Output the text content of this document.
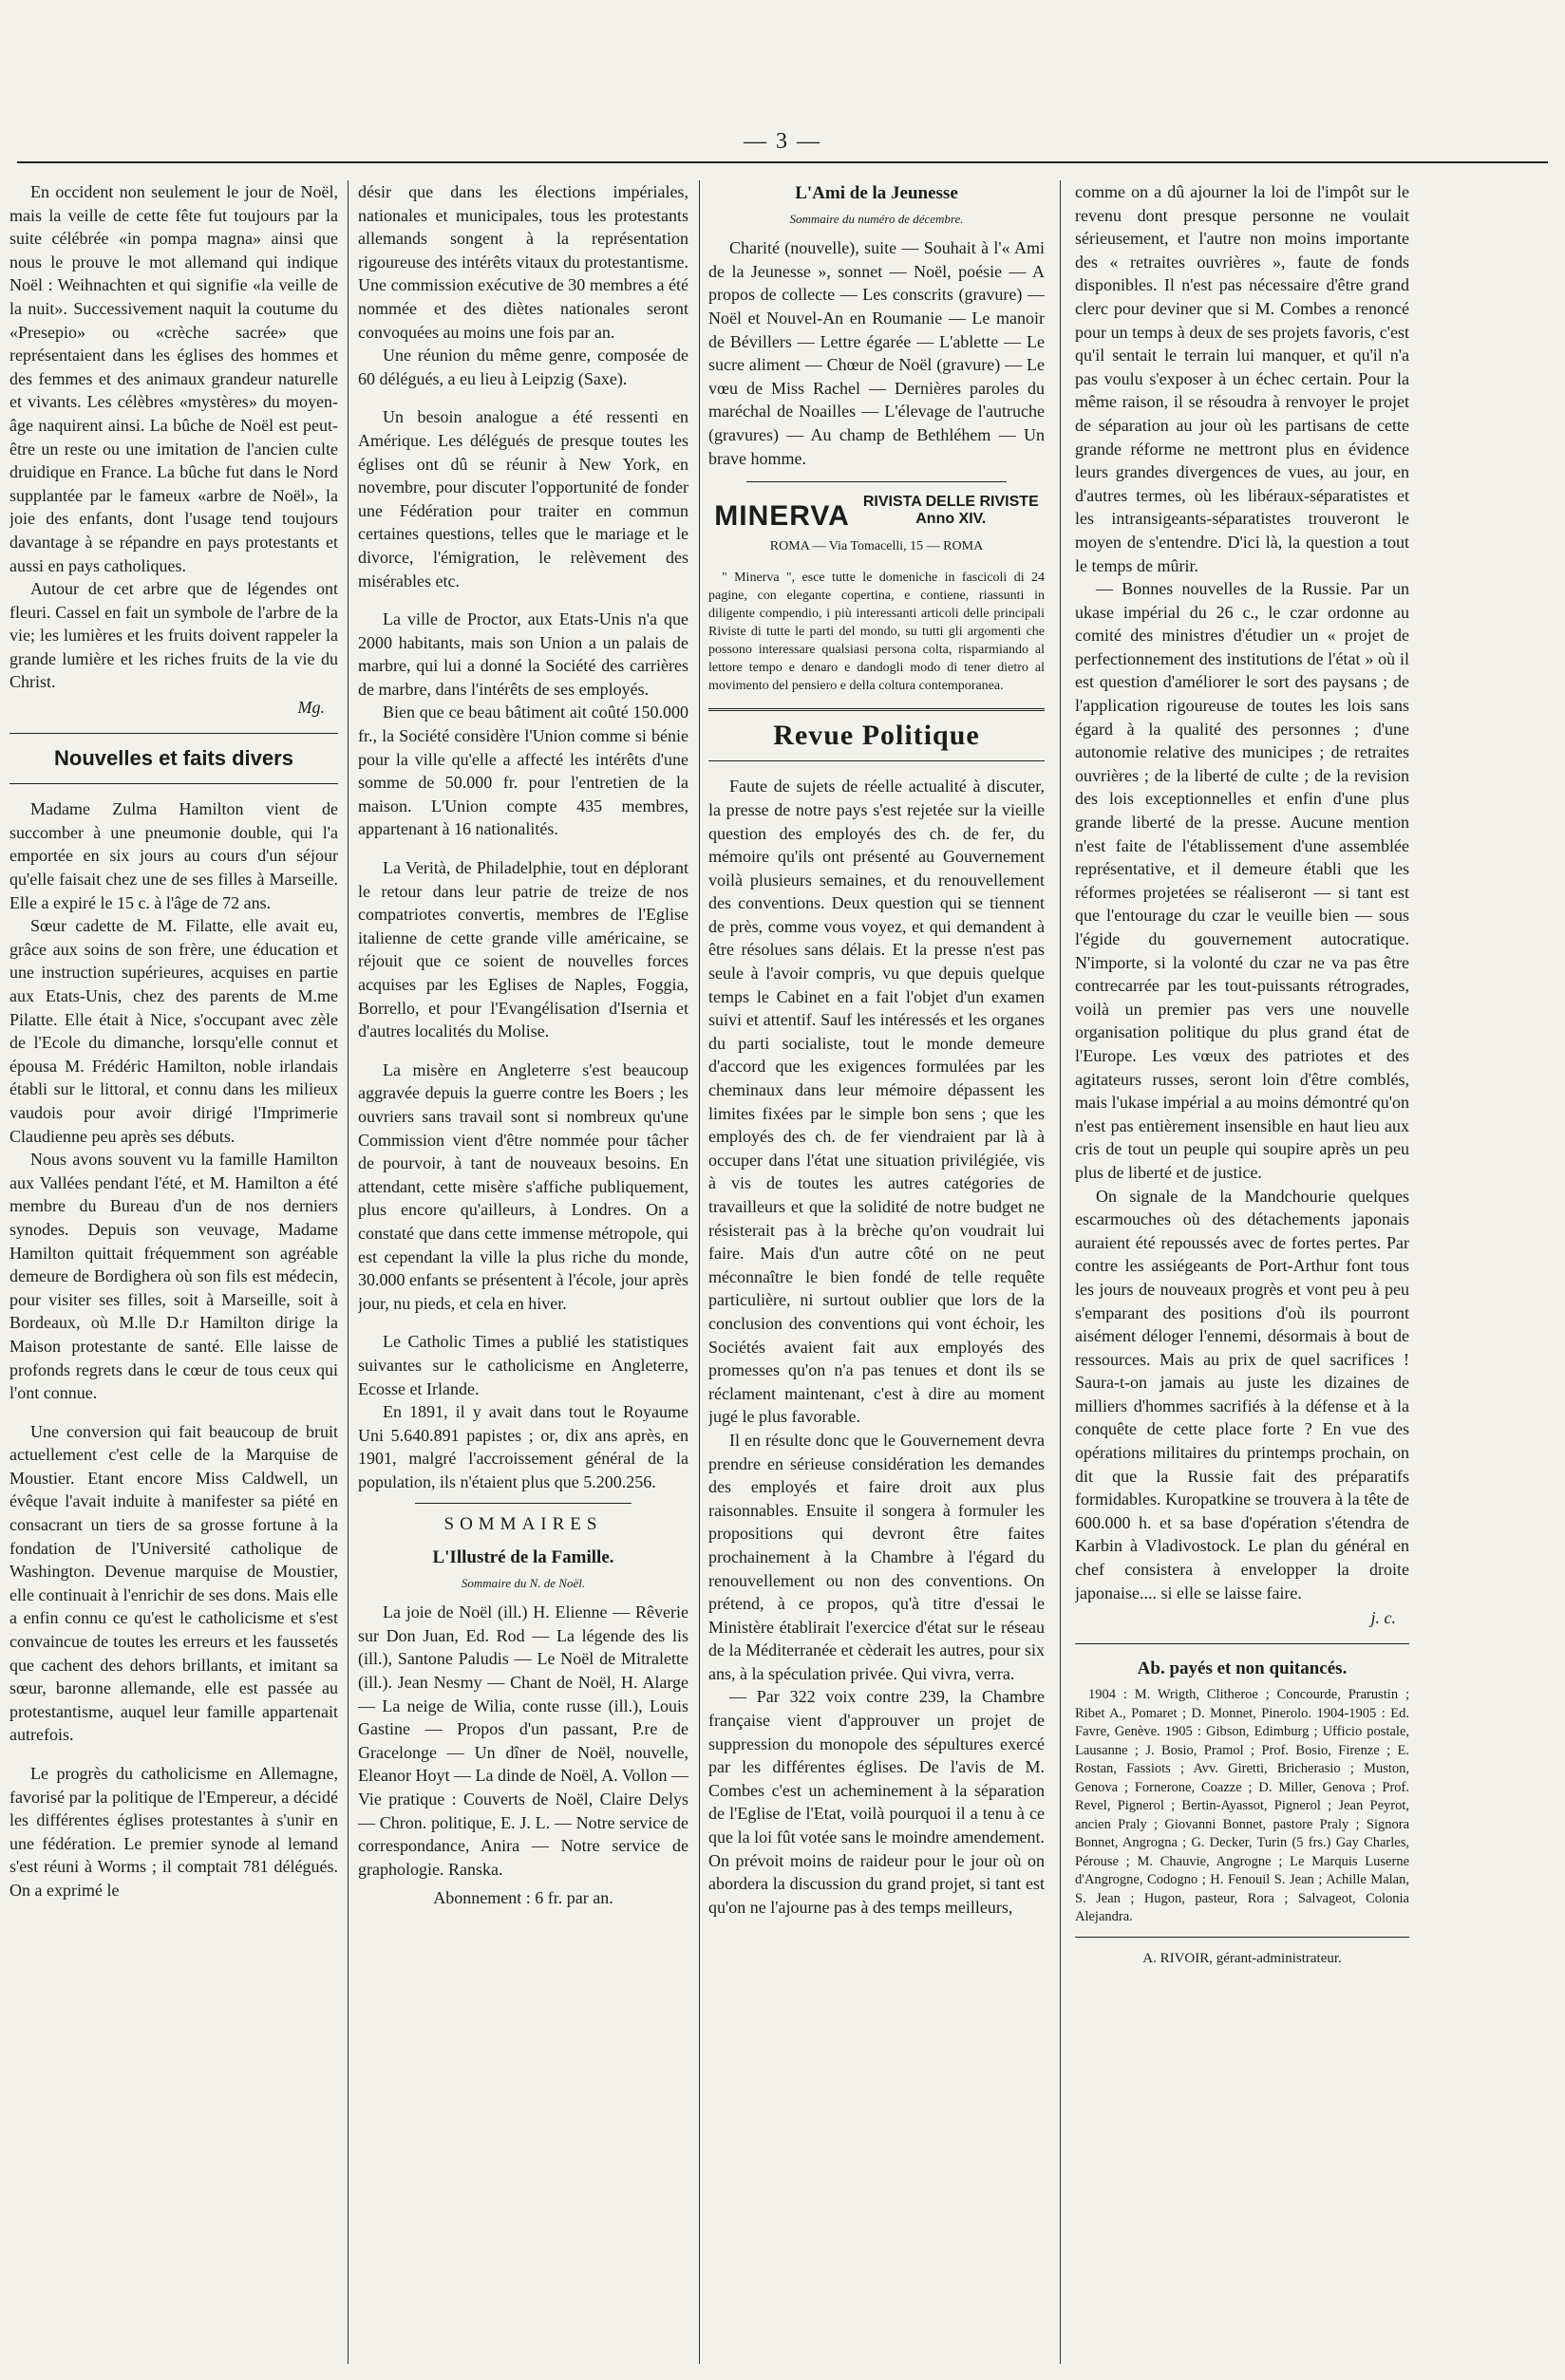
— 3 —

En occident non seulement le jour de Noël, mais la veille de cette fête fut toujours par la suite célébrée «in pompa magna» ainsi que nous le prouve le mot allemand qui indique Noël : Weihnachten et qui signifie «la veille de la nuit». Successivement naquit la coutume du «Presepio» ou «crèche sacrée» que représentaient dans les églises des hommes et des femmes et des animaux grandeur naturelle et vivants. Les célèbres «mystères» du moyen-âge naquirent ainsi. La bûche de Noël est peut-être un reste ou une imitation de l'ancien culte druidique en France. La bûche fut dans le Nord supplantée par le fameux «arbre de Noël», la joie des enfants, dont l'usage tend toujours davantage à se répandre en pays protestants et aussi en pays catholiques.

Autour de cet arbre que de légendes ont fleuri. Cassel en fait un symbole de l'arbre de la vie; les lumières et les fruits doivent rappeler la grande lumière et les riches fruits de la vie du Christ.

Mg.
Nouvelles et faits divers

Madame Zulma Hamilton vient de succomber à une pneumonie double, qui l'a emportée en six jours au cours d'un séjour qu'elle faisait chez une de ses filles à Marseille. Elle a expiré le 15 c. à l'âge de 72 ans.

Sœur cadette de M. Filatte, elle avait eu, grâce aux soins de son frère, une éducation et une instruction supérieures, acquises en partie aux Etats-Unis, chez des parents de M.me Pilatte. Elle était à Nice, s'occupant avec zèle de l'Ecole du dimanche, lorsqu'elle connut et épousa M. Frédéric Hamilton, noble irlandais établi sur le littoral, et connu dans les milieux vaudois pour avoir dirigé l'Imprimerie Claudienne peu après ses débuts.

Nous avons souvent vu la famille Hamilton aux Vallées pendant l'été, et M. Hamilton a été membre du Bureau d'un de nos derniers synodes. Depuis son veuvage, Madame Hamilton quittait fréquemment son agréable demeure de Bordighera où son fils est médecin, pour visiter ses filles, soit à Marseille, soit à Bordeaux, où M.lle D.r Hamilton dirige la Maison protestante de santé. Elle laisse de profonds regrets dans le cœur de tous ceux qui l'ont connue.

Une conversion qui fait beaucoup de bruit actuellement c'est celle de la Marquise de Moustier. Etant encore Miss Caldwell, un évêque l'avait induite à manifester sa piété en consacrant un tiers de sa grosse fortune à la fondation de l'Université catholique de Washington. Devenue marquise de Moustier, elle continuait à l'enrichir de ses dons. Mais elle a enfin connu ce qu'est le catholicisme et s'est convaincue de toutes les erreurs et les faussetés que cachent des dehors brillants, et imitant sa sœur, baronne allemande, elle est passée au protestantisme, auquel leur famille appartenait autrefois.

Le progrès du catholicisme en Allemagne, favorisé par la politique de l'Empereur, a décidé les différentes églises protestantes à s'unir en une fédération. Le premier synode al lemand s'est réuni à Worms ; il comptait 781 délégués. On a exprimé le

désir que dans les élections impériales, nationales et municipales, tous les protestants allemands songent à la représentation rigoureuse des intérêts vitaux du protestantisme. Une commission exécutive de 30 membres a été nommée et des diètes nationales seront convoquées au moins une fois par an.

Une réunion du même genre, composée de 60 délégués, a eu lieu à Leipzig (Saxe).

Un besoin analogue a été ressenti en Amérique. Les délégués de presque toutes les églises ont dû se réunir à New York, en novembre, pour discuter l'opportunité de fonder une Fédération pour traiter en commun certaines questions, telles que le mariage et le divorce, l'émigration, le relèvement des misérables etc.

La ville de Proctor, aux Etats-Unis n'a que 2000 habitants, mais son Union a un palais de marbre, qui lui a donné la Société des carrières de marbre, dans l'intérêts de ses employés.

Bien que ce beau bâtiment ait coûté 150.000 fr., la Société considère l'Union comme si bénie pour la ville qu'elle a affecté les intérêts d'une somme de 50.000 fr. pour l'entretien de la maison. L'Union compte 435 membres, appartenant à 16 nationalités.

La Verità, de Philadelphie, tout en déplorant le retour dans leur patrie de treize de nos compatriotes convertis, membres de l'Eglise italienne de cette grande ville américaine, se réjouit que ce soient de nouvelles forces acquises par les Eglises de Naples, Foggia, Borrello, et pour l'Evangélisation d'Isernia et d'autres localités du Molise.

La misère en Angleterre s'est beaucoup aggravée depuis la guerre contre les Boers ; les ouvriers sans travail sont si nombreux qu'une Commission vient d'être nommée pour tâcher de pourvoir, à tant de nouveaux besoins. En attendant, cette misère s'affiche publiquement, plus encore qu'ailleurs, à Londres. On a constaté que dans cette immense métropole, qui est cependant la ville la plus riche du monde, 30.000 enfants se présentent à l'école, jour après jour, nu pieds, et cela en hiver.

Le Catholic Times a publié les statistiques suivantes sur le catholicisme en Angleterre, Ecosse et Irlande.

En 1891, il y avait dans tout le Royaume Uni 5.640.891 papistes ; or, dix ans après, en 1901, malgré l'accroissement général de la population, ils n'étaient plus que 5.200.256.

SOMMAIRES
L'Illustré de la Famille.
Sommaire du N. de Noël.

La joie de Noël (ill.) H. Elienne — Rêverie sur Don Juan, Ed. Rod — La légende des lis (ill.), Santone Paludis — Le Noël de Mitralette (ill.). Jean Nesmy — Chant de Noël, H. Alarge — La neige de Wilia, conte russe (ill.), Louis Gastine — Propos d'un passant, P.re de Gracelonge — Un dîner de Noël, nouvelle, Eleanor Hoyt — La dinde de Noël, A. Vollon — Vie pratique : Couverts de Noël, Claire Delys — Chron. politique, E. J. L. — Notre service de correspondance, Anira — Notre service de graphologie. Ranska.

Abonnement : 6 fr. par an.
L'Ami de la Jeunesse
Sommaire du numéro de décembre.

Charité (nouvelle), suite — Souhait à l'« Ami de la Jeunesse », sonnet — Noël, poésie — A propos de collecte — Les conscrits (gravure) — Noël et Nouvel-An en Roumanie — Le manoir de Bévillers — Lettre égarée — L'ablette — Le sucre aliment — Chœur de Noël (gravure) — Le vœu de Miss Rachel — Dernières paroles du maréchal de Noailles — L'élevage de l'autruche (gravures) — Au champ de Bethléhem — Un brave homme.

MINERVA RIVISTA DELLE RIVISTE
Anno XIV.
ROMA — Via Tomacelli, 15 — ROMA

" Minerva ", esce tutte le domeniche in fascicoli di 24 pagine, con elegante copertina, e contiene, riassunti in diligente compendio, i più interessanti articoli delle principali Riviste di tutte le parti del mondo, su tutti gli argomenti che possono interessare qualsiasi persona colta, risparmiando al lettore tempo e denaro e dandogli modo di tener dietro al movimento del pensiero e della coltura contemporanea.

Revue Politique

Faute de sujets de réelle actualité à discuter, la presse de notre pays s'est rejetée sur la vieille question des employés des ch. de fer, du mémoire qu'ils ont présenté au Gouvernement voilà plusieurs semaines, et du renouvellement des conventions. Deux question qui se tiennent de près, comme vous voyez, et qui demandent à être résolues sans délais. Et la presse n'est pas seule à l'avoir compris, vu que depuis quelque temps le Cabinet en a fait l'objet d'un examen suivi et attentif. Sauf les intéressés et les organes du parti socialiste, tout le monde demeure d'accord que les exigences formulées par les cheminaux dans leur mémoire dépassent les limites fixées par le simple bon sens ; que les employés des ch. de fer viendraient par là à occuper dans l'état une situation privilégiée, vis à vis de toutes les autres catégories de travailleurs et que la solidité de notre budget ne résisterait pas à la brèche qu'on voudrait lui faire. Mais d'un autre côté on ne peut méconnaître le bien fondé de telle requête particulière, ni surtout oublier que lors de la conclusion des conventions qui vont échoir, les Sociétés avaient fait aux employés des promesses qu'on n'a pas tenues et dont ils se réclament maintenant, c'est à dire au moment jugé le plus favorable.

Il en résulte donc que le Gouvernement devra prendre en sérieuse considération les demandes des employés et faire droit aux plus raisonnables. Ensuite il songera à formuler les propositions qui devront être faites prochainement à la Chambre à l'égard du renouvellement ou non des conventions. On prétend, à ce propos, qu'à titre d'essai le Ministère établirait l'exercice d'état sur le réseau de la Méditerranée et cèderait les autres, pour six ans, à la spéculation privée. Qui vivra, verra.

— Par 322 voix contre 239, la Chambre française vient d'approuver un projet de suppression du monopole des sépultures exercé par les différentes églises. De l'avis de M. Combes c'est un acheminement à la séparation de l'Eglise de l'Etat, voilà pourquoi il a tenu à ce que la loi fût votée sans le moindre amendement. On prévoit moins de raideur pour le jour où on abordera la discussion du grand projet, si tant est qu'on ne l'ajourne pas à des temps meilleurs,

comme on a dû ajourner la loi de l'impôt sur le revenu dont presque personne ne voulait sérieusement, et l'autre non moins importante des « retraites ouvrières », faute de fonds disponibles. Il n'est pas nécessaire d'être grand clerc pour deviner que si M. Combes a renoncé pour un temps à deux de ses projets favoris, c'est qu'il sentait le terrain lui manquer, et qu'il n'a pas voulu s'exposer à un échec certain. Pour la même raison, il se résoudra à renvoyer le projet de séparation au jour où les partisans de cette grande réforme ne mettront plus en évidence leurs grandes divergences de vues, au jour, en d'autres termes, où les libéraux-séparatistes et les intransigeants-séparatistes trouveront le moyen de s'entendre. D'ici là, la question a tout le temps de mûrir.

— Bonnes nouvelles de la Russie. Par un ukase impérial du 26 c., le czar ordonne au comité des ministres d'étudier un « projet de perfectionnement des institutions de l'état » où il est question d'améliorer le sort des paysans ; de l'application rigoureuse de toutes les lois sans égard à la qualité des personnes ; d'une autonomie relative des municipes ; de retraites ouvrières ; de la liberté de culte ; de la revision des lois exceptionnelles et enfin d'une plus grande liberté de la presse. Aucune mention n'est faite de l'établissement d'une assemblée représentative, et il demeure établi que les réformes projetées se réaliseront — si tant est que l'entourage du czar le veuille bien — sous l'égide du gouvernement autocratique. N'importe, si la volonté du czar ne va pas être contrecarrée par les tout-puissants rétrogrades, voilà un premier pas vers une nouvelle organisation politique du plus grand état de l'Europe. Les vœux des patriotes et des agitateurs russes, seront loin d'être comblés, mais l'ukase impérial a au moins démontré qu'on n'est pas entièrement insensible en haut lieu aux cris de tout un peuple qui soupire après un peu plus de liberté et de justice.

On signale de la Mandchourie quelques escarmouches où des détachements japonais auraient été repoussés avec de fortes pertes. Par contre les assiégeants de Port-Arthur font tous les jours de nouveaux progrès et vont peu à peu s'emparant des positions d'où ils pourront aisément déloger l'ennemi, désormais à bout de ressources. Mais au prix de quel sacrifices ! Saura-t-on jamais au juste les dizaines de milliers d'hommes sacrifiés à la défense et à la conquête de cette place forte ? En vue des opérations militaires du printemps prochain, on dit que la Russie fait des préparatifs formidables. Kuropatkine se trouvera à la tête de 600.000 h. et sa base d'opération s'étendra de Karbin à Vladivostock. Le plan du général en chef consistera à envelopper la droite japonaise.... si elle se laisse faire.

j. c.
Ab. payés et non quitancés.

1904 : M. Wrigth, Clitheroe ; Concourde, Prarustin ; Ribet A., Pomaret ; D. Monnet, Pinerolo. 1904-1905 : Ed. Favre, Genève. 1905 : Gibson, Edimburg ; Ufficio postale, Lausanne ; J. Bosio, Pramol ; Prof. Bosio, Firenze ; E. Rostan, Fassiots ; Avv. Giretti, Bricherasio ; Muston, Genova ; Fornerone, Coazze ; D. Miller, Genova ; Prof. Revel, Pignerol ; Bertin-Ayassot, Pignerol ; Jean Peyrot, ancien Praly ; Giovanni Bonnet, pastore Praly ; Signora Bonnet, Angrogna ; G. Decker, Turin (5 frs.) Gay Charles, Pérouse ; M. Chauvie, Angrogne ; Le Marquis Luserne d'Angrogne, Codogno ; H. Fenouil S. Jean ; Achille Malan, S. Jean ; Hugon, pasteur, Rora ; Salvageot, Colonia Alejandra.

A. RIVOIR, gérant-administrateur.
